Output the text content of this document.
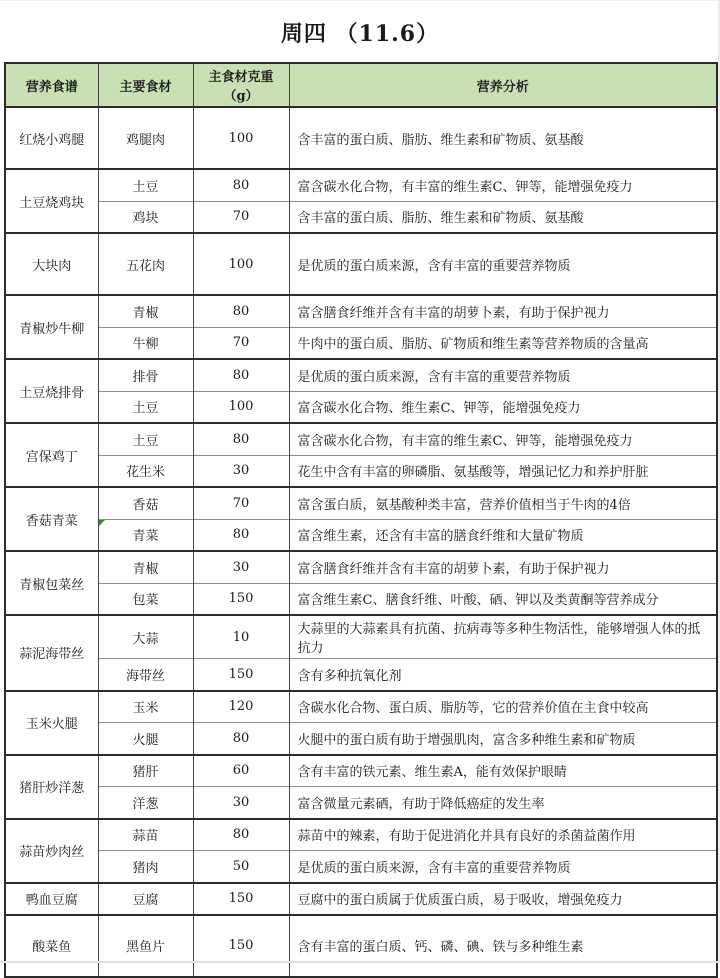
周四 （11.6）
营养食谱	主要食材	主食材克重（g）	营养分析
红烧小鸡腿	鸡腿肉	100	含丰富的蛋白质、脂肪、维生素和矿物质、氨基酸
土豆烧鸡块	土豆	80	富含碳水化合物，有丰富的维生素C、钾等，能增强免疫力
	鸡块	70	含丰富的蛋白质、脂肪、维生素和矿物质、氨基酸
大块肉	五花肉	100	是优质的蛋白质来源，含有丰富的重要营养物质
青椒炒牛柳	青椒	80	富含膳食纤维并含有丰富的胡萝卜素，有助于保护视力
	牛柳	70	牛肉中的蛋白质、脂肪、矿物质和维生素等营养物质的含量高
土豆烧排骨	排骨	80	是优质的蛋白质来源，含有丰富的重要营养物质
	土豆	100	富含碳水化合物、维生素C、钾等，能增强免疫力
宫保鸡丁	土豆	80	富含碳水化合物，有丰富的维生素C、钾等，能增强免疫力
	花生米	30	花生中含有丰富的卵磷脂、氨基酸等，增强记忆力和养护肝脏
香菇青菜	香菇	70	富含蛋白质，氨基酸种类丰富，营养价值相当于牛肉的4倍
	青菜	80	富含维生素，还含有丰富的膳食纤维和大量矿物质
青椒包菜丝	青椒	30	富含膳食纤维并含有丰富的胡萝卜素，有助于保护视力
	包菜	150	富含维生素C、膳食纤维、叶酸、硒、钾以及类黄酮等营养成分
蒜泥海带丝	大蒜	10	大蒜里的大蒜素具有抗菌、抗病毒等多种生物活性，能够增强人体的抵抗力
	海带丝	150	含有多种抗氧化剂
玉米火腿	玉米	120	含碳水化合物、蛋白质、脂肪等，它的营养价值在主食中较高
	火腿	80	火腿中的蛋白质有助于增强肌肉，富含多种维生素和矿物质
猪肝炒洋葱	猪肝	60	含有丰富的铁元素、维生素A，能有效保护眼睛
	洋葱	30	富含微量元素硒，有助于降低癌症的发生率
蒜苗炒肉丝	蒜苗	80	蒜苗中的辣素，有助于促进消化并具有良好的杀菌益菌作用
	猪肉	50	是优质的蛋白质来源，含有丰富的重要营养物质
鸭血豆腐	豆腐	150	豆腐中的蛋白质属于优质蛋白质，易于吸收，增强免疫力
酸菜鱼	黑鱼片	150	含有丰富的蛋白质、钙、磷、碘、铁与多种维生素
